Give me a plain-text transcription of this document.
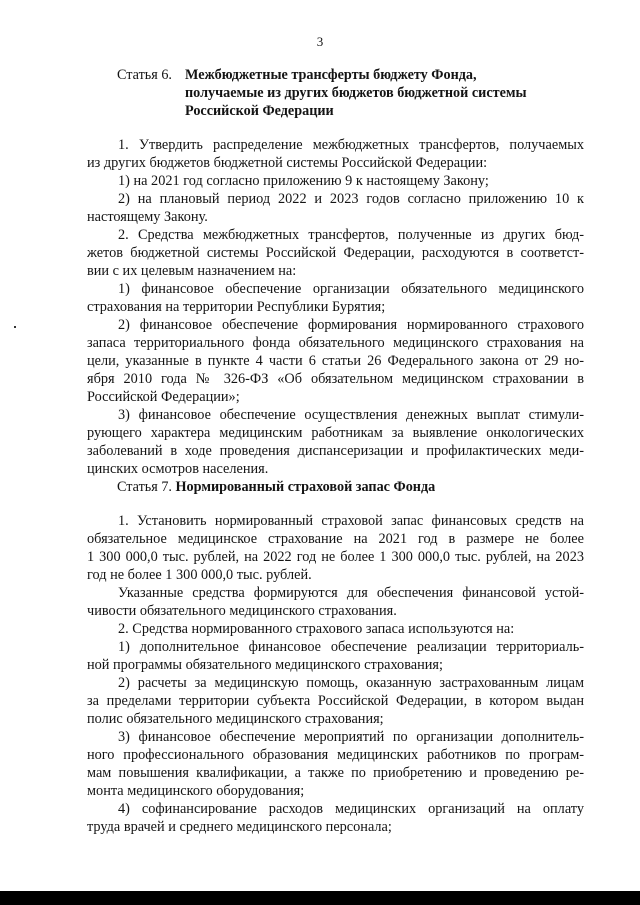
3
Статья 6. Межбюджетные трансферты бюджету Фонда,
получаемые из других бюджетов бюджетной системы
Российской Федерации
1. Утвердить распределение межбюджетных трансфертов, получаемых
из других бюджетов бюджетной системы Российской Федерации:
1) на 2021 год согласно приложению 9 к настоящему Закону;
2) на плановый период 2022 и 2023 годов согласно приложению 10 к
настоящему Закону.
2. Средства межбюджетных трансфертов, полученные из других бюд-
жетов бюджетной системы Российской Федерации, расходуются в соответст-
вии с их целевым назначением на:
1) финансовое обеспечение организации обязательного медицинского
страхования на территории Республики Бурятия;
2) финансовое обеспечение формирования нормированного страхового
запаса территориального фонда обязательного медицинского страхования на
цели, указанные в пункте 4 части 6 статьи 26 Федерального закона от 29 но-
ября 2010 года № 326-ФЗ «Об обязательном медицинском страховании в
Российской Федерации»;
3) финансовое обеспечение осуществления денежных выплат стимули-
рующего характера медицинским работникам за выявление онкологических
заболеваний в ходе проведения диспансеризации и профилактических меди-
цинских осмотров населения.
Статья 7. Нормированный страховой запас Фонда
1. Установить нормированный страховой запас финансовых средств на
обязательное медицинское страхование на 2021 год в размере не более
1 300 000,0 тыс. рублей, на 2022 год не более 1 300 000,0 тыс. рублей, на 2023
год не более 1 300 000,0 тыс. рублей.
Указанные средства формируются для обеспечения финансовой устой-
чивости обязательного медицинского страхования.
2. Средства нормированного страхового запаса используются на:
1) дополнительное финансовое обеспечение реализации территориаль-
ной программы обязательного медицинского страхования;
2) расчеты за медицинскую помощь, оказанную застрахованным лицам
за пределами территории субъекта Российской Федерации, в котором выдан
полис обязательного медицинского страхования;
3) финансовое обеспечение мероприятий по организации дополнитель-
ного профессионального образования медицинских работников по програм-
мам повышения квалификации, а также по приобретению и проведению ре-
монта медицинского оборудования;
4) софинансирование расходов медицинских организаций на оплату
труда врачей и среднего медицинского персонала;
